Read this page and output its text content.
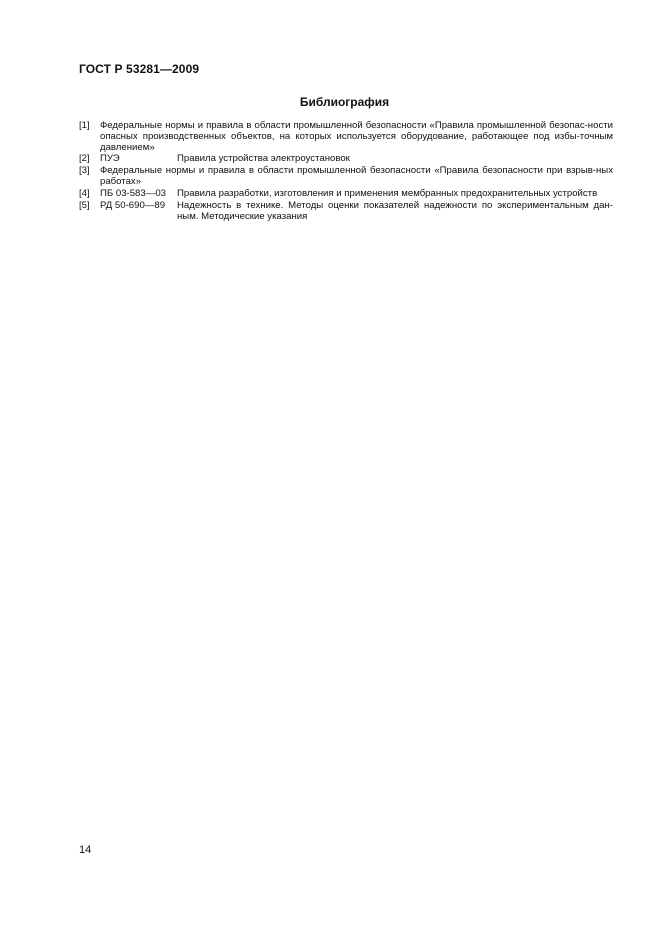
ГОСТ Р 53281—2009
Библиография
[1] Федеральные нормы и правила в области промышленной безопасности «Правила промышленной безопас-ности опасных производственных объектов, на которых используется оборудование, работающее под избы-точным давлением»
[2] ПУЭ	Правила устройства электроустановок
[3] Федеральные нормы и правила в области промышленной безопасности «Правила безопасности при взрыв-ных работах»
[4] ПБ 03-583—03 Правила разработки, изготовления и применения мембранных предохранительных устройств
[5] РД 50-690—89 Надежность в технике. Методы оценки показателей надежности по экспериментальным дан-ным. Методические указания
14
